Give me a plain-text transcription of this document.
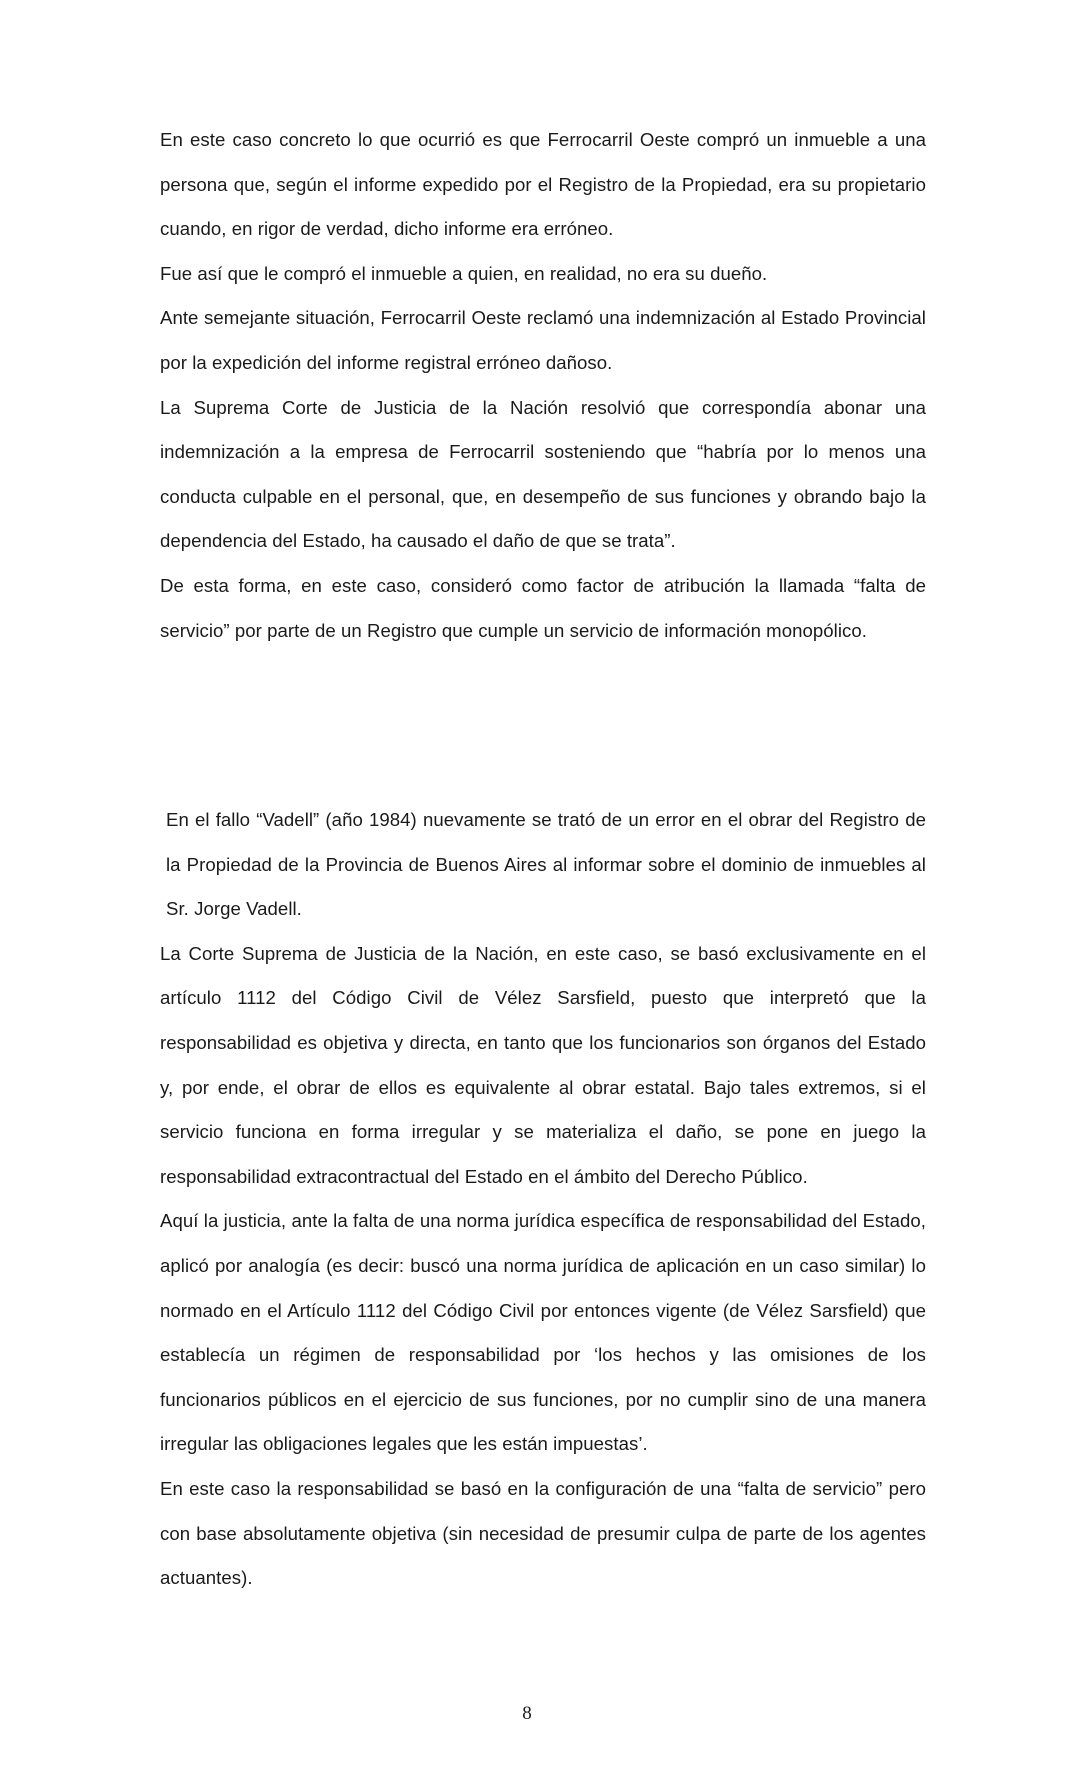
En este caso concreto lo que ocurrió es que Ferrocarril Oeste compró un inmueble a una persona que, según el informe expedido por el Registro de la Propiedad, era su propietario cuando, en rigor de verdad, dicho informe era erróneo.

Fue así que le compró el inmueble a quien, en realidad, no era su dueño.

Ante semejante situación, Ferrocarril Oeste reclamó una indemnización al Estado Provincial por la expedición del informe registral erróneo dañoso.

La Suprema Corte de Justicia de la Nación resolvió que correspondía abonar una indemnización a la empresa de Ferrocarril sosteniendo que “habría por lo menos una conducta culpable en el personal, que, en desempeño de sus funciones y obrando bajo la dependencia del Estado, ha causado el daño de que se trata”.

De esta forma, en este caso, consideró como factor de atribución la llamada “falta de servicio” por parte de un Registro que cumple un servicio de información monopólico.

En el fallo “Vadell” (año 1984) nuevamente se trató de un error en el obrar del Registro de la Propiedad de la Provincia de Buenos Aires al informar sobre el dominio de inmuebles al Sr. Jorge Vadell.

La Corte Suprema de Justicia de la Nación, en este caso, se basó exclusivamente en el artículo 1112 del Código Civil de Vélez Sarsfield, puesto que interpretó que la responsabilidad es objetiva y directa, en tanto que los funcionarios son órganos del Estado y, por ende, el obrar de ellos es equivalente al obrar estatal. Bajo tales extremos, si el servicio funciona en forma irregular y se materializa el daño, se pone en juego la responsabilidad extracontractual del Estado en el ámbito del Derecho Público.

Aquí la justicia, ante la falta de una norma jurídica específica de responsabilidad del Estado, aplicó por analogía (es decir: buscó una norma jurídica de aplicación en un caso similar) lo normado en el Artículo 1112 del Código Civil por entonces vigente (de Vélez Sarsfield) que establecía un régimen de responsabilidad por ‘los hechos y las omisiones de los funcionarios públicos en el ejercicio de sus funciones, por no cumplir sino de una manera irregular las obligaciones legales que les están impuestas’.

En este caso la responsabilidad se basó en la configuración de una “falta de servicio” pero con base absolutamente objetiva (sin necesidad de presumir culpa de parte de los agentes actuantes).

8
